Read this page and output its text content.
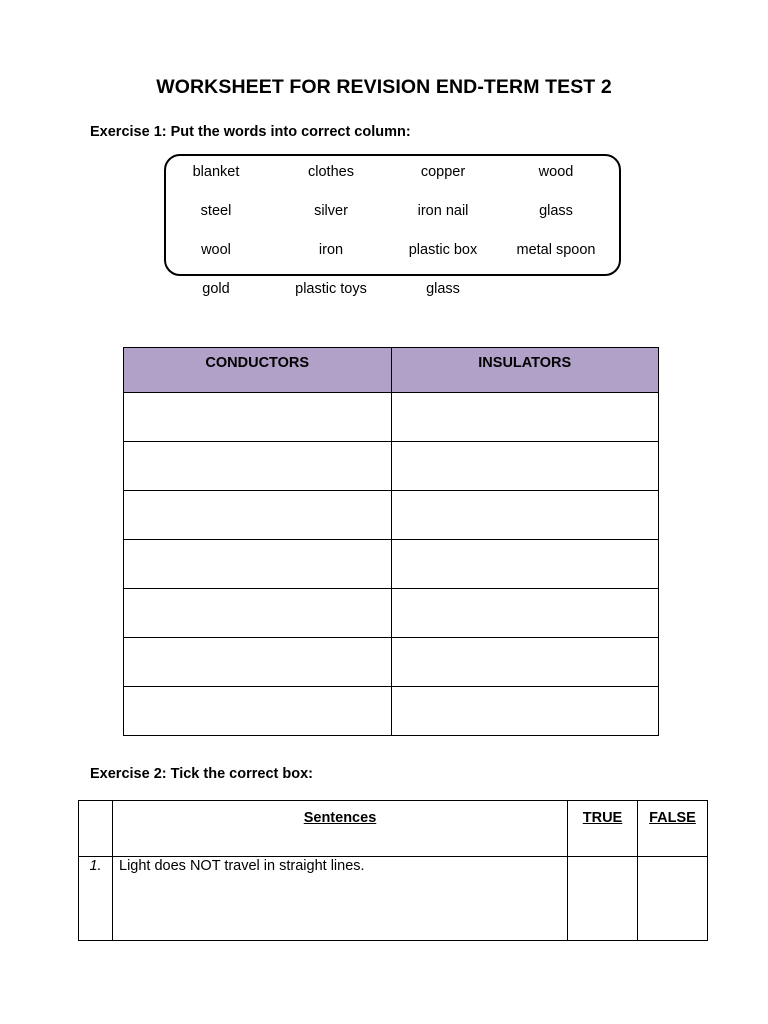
WORKSHEET FOR REVISION END-TERM TEST 2
Exercise 1: Put the words into correct column:
blanket	clothes	copper	wood
steel	silver	iron nail	glass
wool	iron	plastic box	metal spoon
gold	plastic toys	glass
CONDUCTORS	INSULATORS

Exercise 2: Tick the correct box:
	Sentences	TRUE	FALSE
1.	Light does NOT travel in straight lines.		
